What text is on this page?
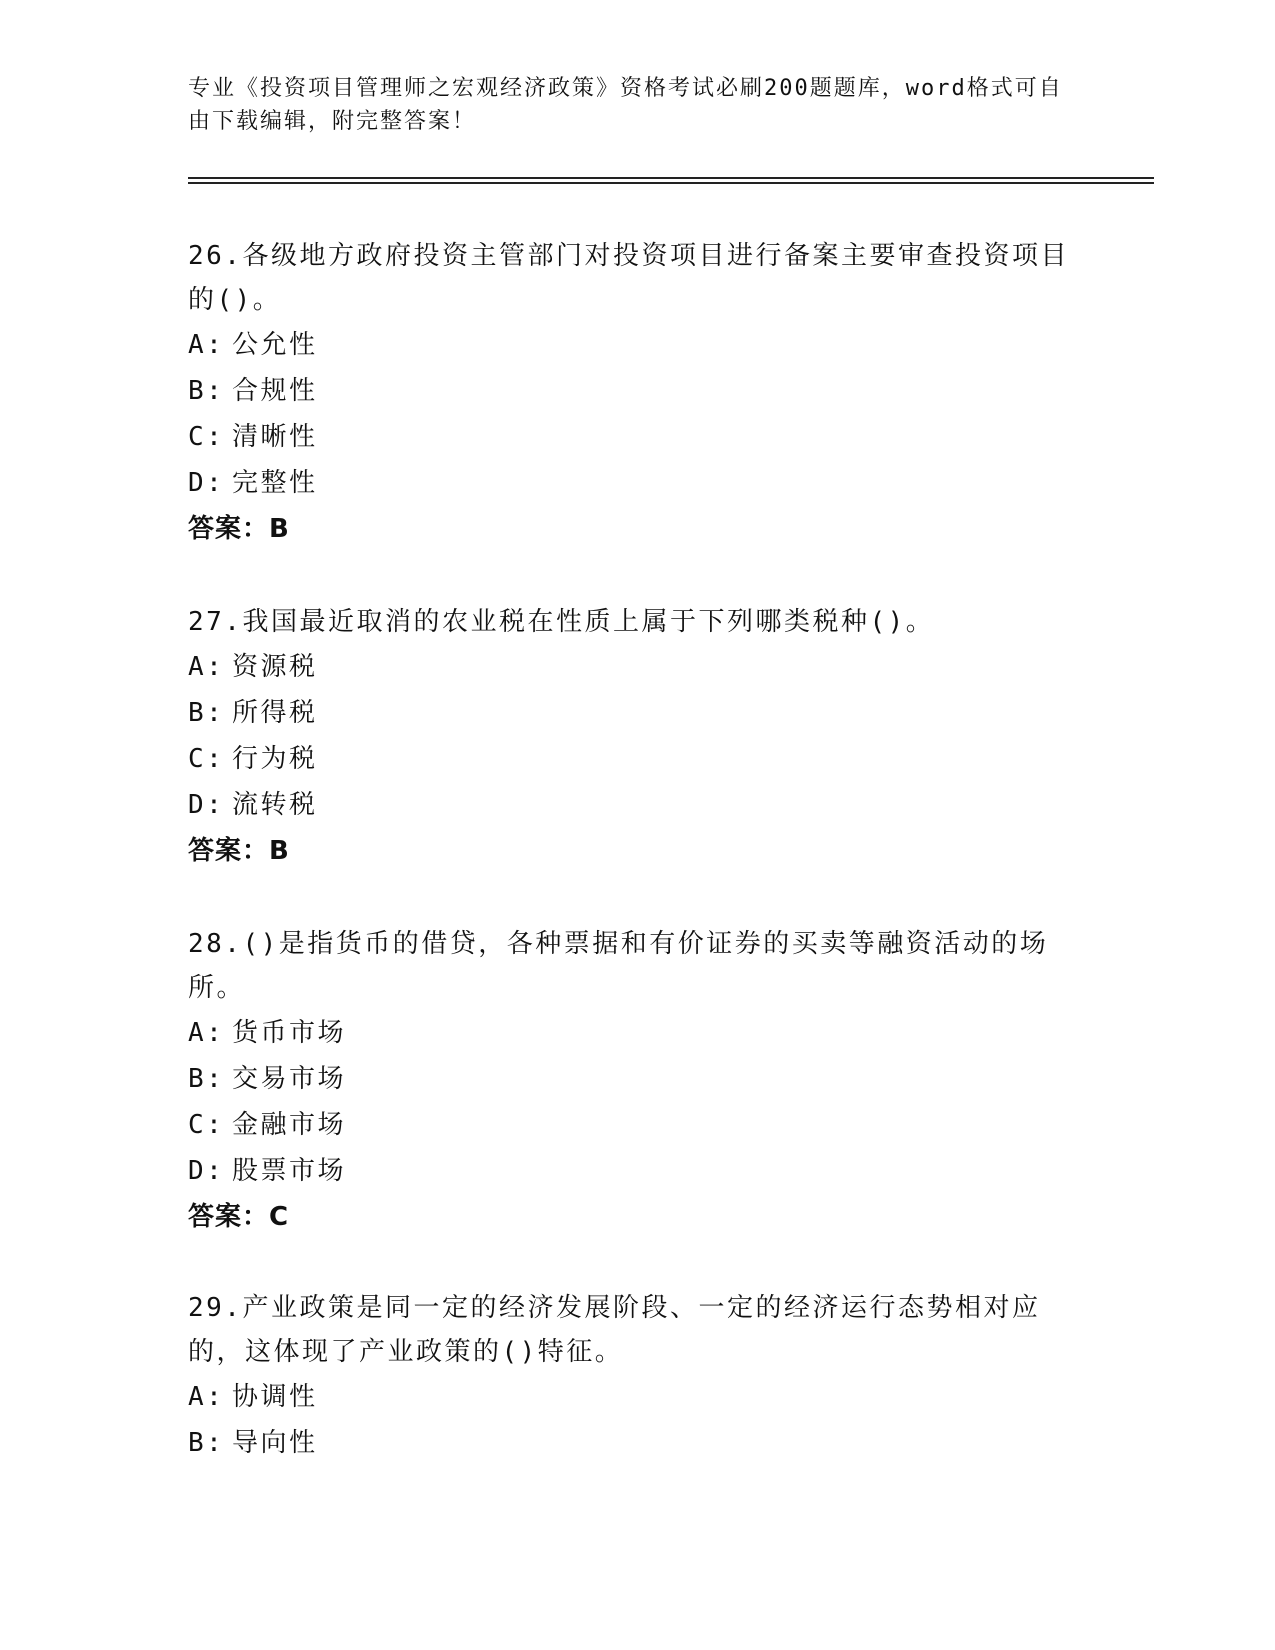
专业《投资项目管理师之宏观经济政策》资格考试必刷200题题库，word格式可自由下载编辑，附完整答案！
26.各级地方政府投资主管部门对投资项目进行备案主要审查投资项目的()。
A: 公允性
B: 合规性
C: 清晰性
D: 完整性
答案：B
27.我国最近取消的农业税在性质上属于下列哪类税种()。
A: 资源税
B: 所得税
C: 行为税
D: 流转税
答案：B
28.()是指货币的借贷，各种票据和有价证券的买卖等融资活动的场所。
A: 货币市场
B: 交易市场
C: 金融市场
D: 股票市场
答案：C
29.产业政策是同一定的经济发展阶段、一定的经济运行态势相对应的，这体现了产业政策的()特征。
A: 协调性
B: 导向性
